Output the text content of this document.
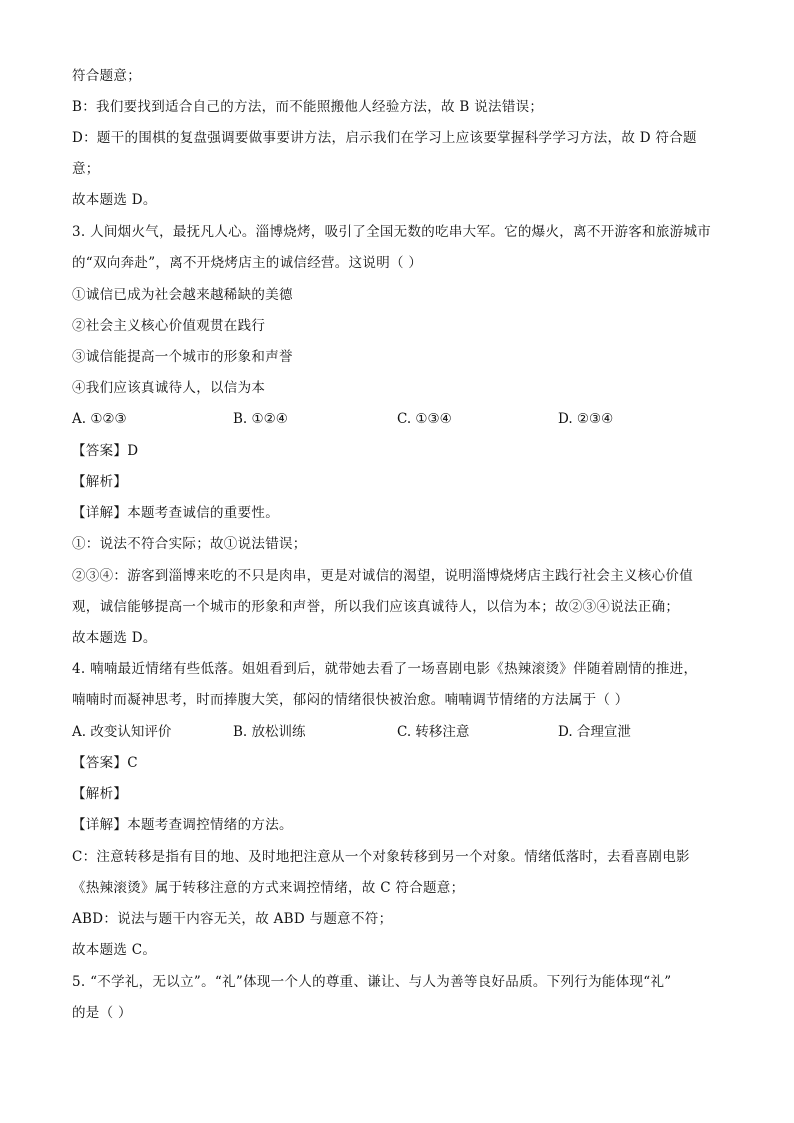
符合题意；
B：我们要找到适合自己的方法，而不能照搬他人经验方法，故 B 说法错误；
D：题干的围棋的复盘强调要做事要讲方法，启示我们在学习上应该要掌握科学学习方法，故 D 符合题
意；
故本题选 D。
3. 人间烟火气，最抚凡人心。淄博烧烤，吸引了全国无数的吃串大军。它的爆火，离不开游客和旅游城市
的“双向奔赴”，离不开烧烤店主的诚信经营。这说明（ ）
①诚信已成为社会越来越稀缺的美德
②社会主义核心价值观贯在践行
③诚信能提高一个城市的形象和声誉
④我们应该真诚待人，以信为本
A. ①②③	B. ①②④	C. ①③④	D. ②③④
【答案】D
【解析】
【详解】本题考查诚信的重要性。
①：说法不符合实际；故①说法错误；
②③④：游客到淄博来吃的不只是肉串，更是对诚信的渴望，说明淄博烧烤店主践行社会主义核心价值
观，诚信能够提高一个城市的形象和声誉，所以我们应该真诚待人，以信为本；故②③④说法正确；
故本题选 D。
4. 喃喃最近情绪有些低落。姐姐看到后，就带她去看了一场喜剧电影《热辣滚烫》伴随着剧情的推进，
喃喃时而凝神思考，时而捧腹大笑，郁闷的情绪很快被治愈。喃喃调节情绪的方法属于（ ）
A. 改变认知评价	B. 放松训练	C. 转移注意	D. 合理宣泄
【答案】C
【解析】
【详解】本题考查调控情绪的方法。
C：注意转移是指有目的地、及时地把注意从一个对象转移到另一个对象。情绪低落时，去看喜剧电影
《热辣滚烫》属于转移注意的方式来调控情绪，故 C 符合题意；
ABD：说法与题干内容无关，故 ABD 与题意不符；
故本题选 C。
5. “不学礼，无以立”。“礼”体现一个人的尊重、谦让、与人为善等良好品质。下列行为能体现“礼”
的是（ ）
